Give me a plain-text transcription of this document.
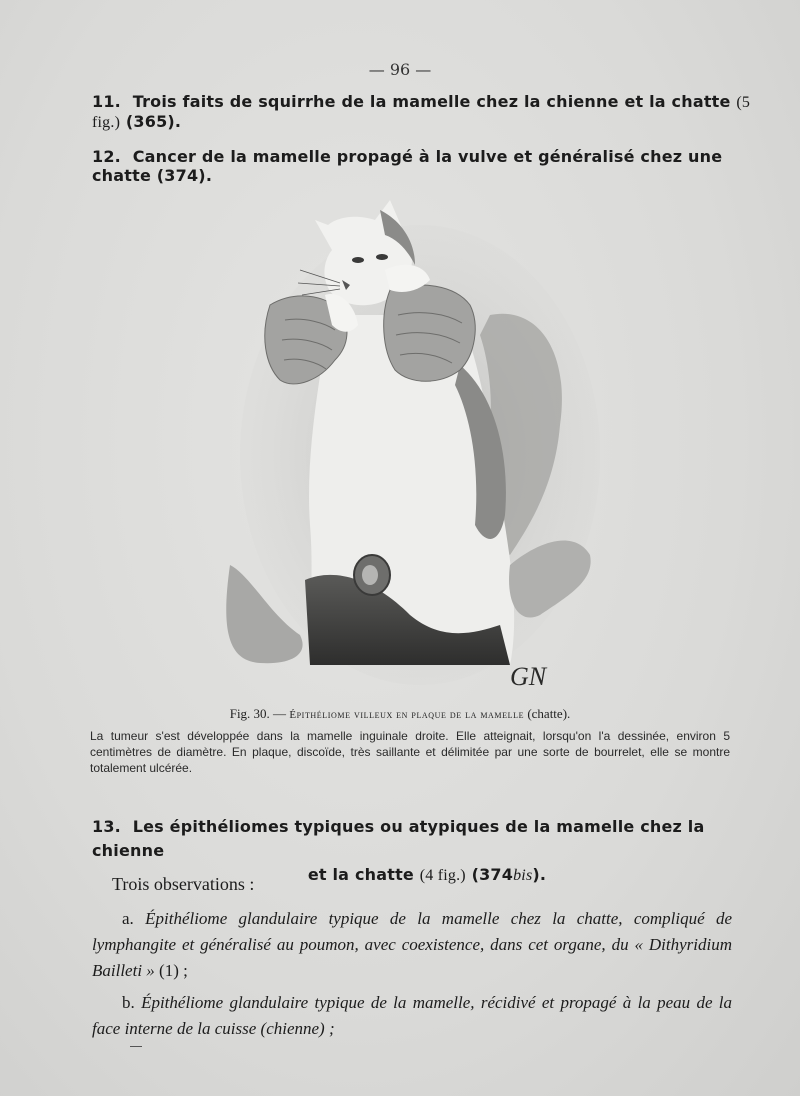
— 96 —
11. Trois faits de squirrhe de la mamelle chez la chienne et la chatte (5 fig.) (365).
12. Cancer de la mamelle propagé à la vulve et généralisé chez une chatte (374).
GN
Fig. 30. — Épithéliome villeux en plaque de la mamelle (chatte).
La tumeur s'est développée dans la mamelle inguinale droite. Elle atteignait, lorsqu'on l'a dessinée, environ 5 centimètres de diamètre. En plaque, discoïde, très saillante et délimitée par une sorte de bourrelet, elle se montre totalement ulcérée.
13. Les épithéliomes typiques ou atypiques de la mamelle chez la chienne
et la chatte (4 fig.) (374bis).
Trois observations :
a. Épithéliome glandulaire typique de la mamelle chez la chatte, compliqué de lymphangite et généralisé au poumon, avec coexistence, dans cet organe, du « Dithyridium Bailleti » (1) ;
b. Épithéliome glandulaire typique de la mamelle, récidivé et propagé à la peau de la face interne de la cuisse (chienne) ;
